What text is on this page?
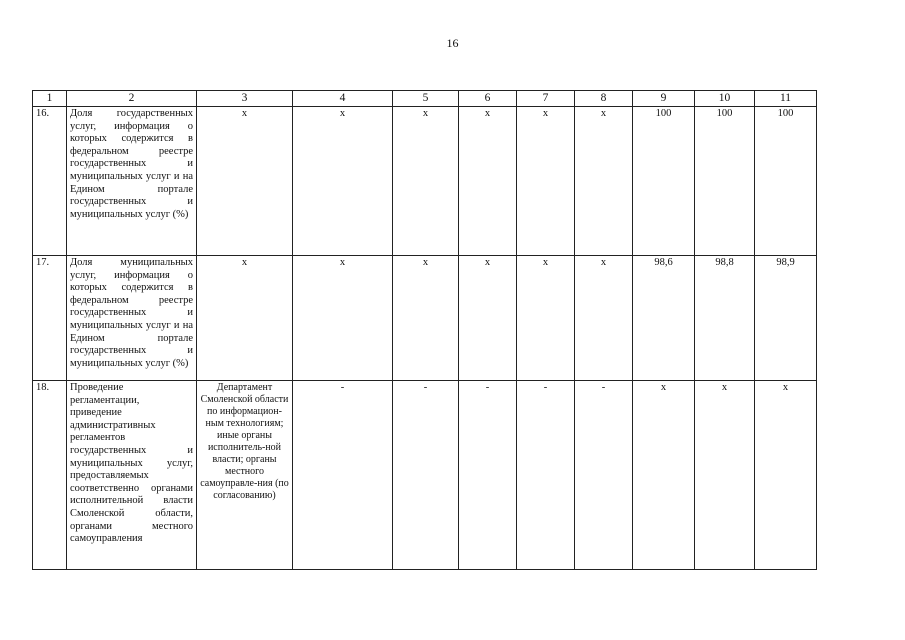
16
1	2	3	4	5	6	7	8	9	10	11
16.	Доля государственных услуг, информация о которых содержится в федеральном реестре государственных и муниципальных услуг и на Едином портале государственных и муниципальных услуг (%)	х	х	х	х	х	х	100	100	100
17.	Доля муниципальных услуг, информация о которых содержится в федеральном реестре государственных и муниципальных услуг и на Едином портале государственных и муниципальных услуг (%)	х	х	х	х	х	х	98,6	98,8	98,9
18.	Проведение регламентации, приведение административных регламентов государственных и муниципальных услуг, предоставляемых соответственно органами исполнительной власти Смоленской области, органами местного самоуправления	Департамент Смоленской области по информацион-ным технологиям; иные органы исполнитель-ной власти; органы местного самоуправле-ния (по согласованию)	-	-	-	-	-	х	х	х
